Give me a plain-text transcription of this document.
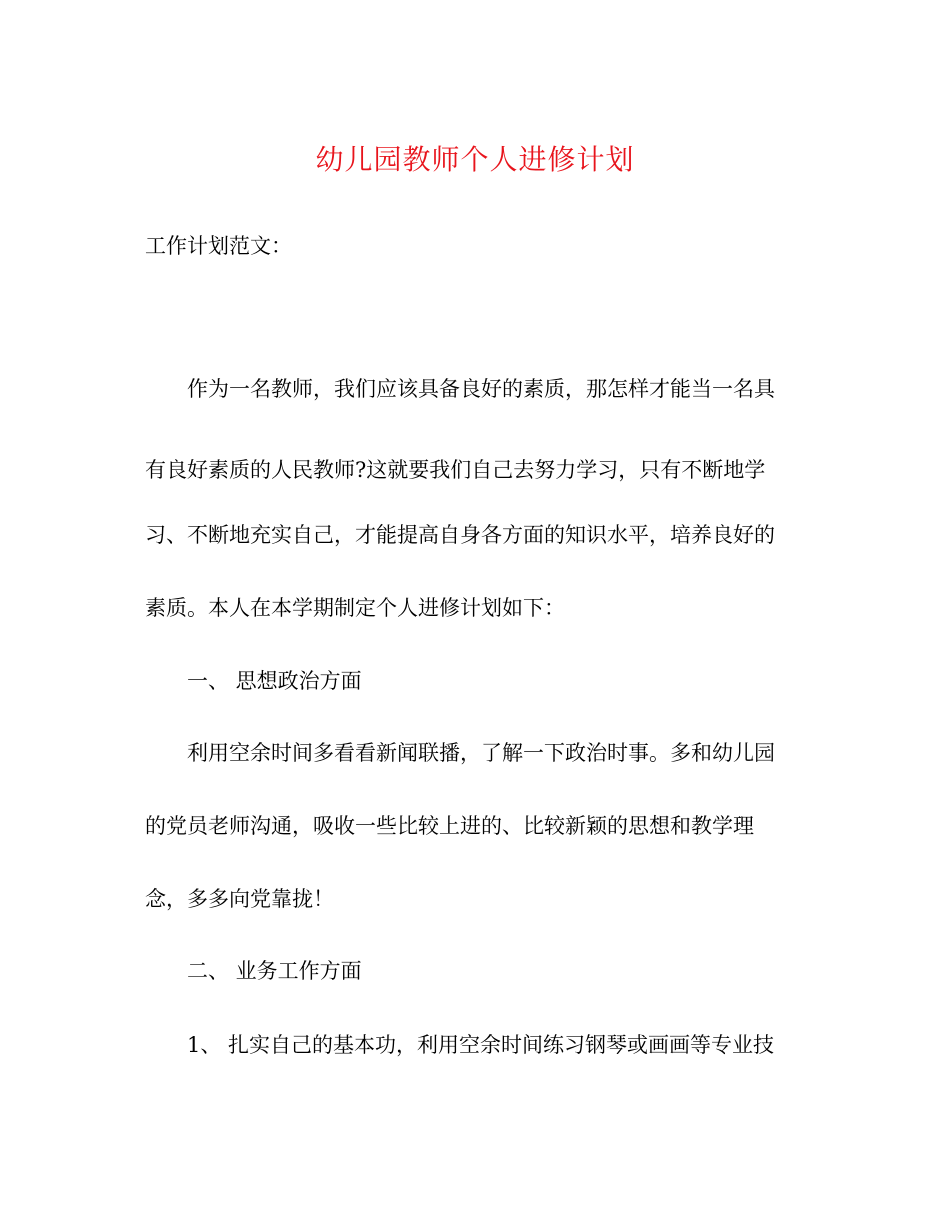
幼儿园教师个人进修计划
工作计划范文：
作为一名教师，我们应该具备良好的素质，那怎样才能当一名具
有良好素质的人民教师?这就要我们自己去努力学习，只有不断地学
习、不断地充实自己，才能提高自身各方面的知识水平，培养良好的
素质。本人在本学期制定个人进修计划如下：
一、 思想政治方面
利用空余时间多看看新闻联播，了解一下政治时事。多和幼儿园
的党员老师沟通，吸收一些比较上进的、比较新颖的思想和教学理
念，多多向党靠拢！
二、 业务工作方面
1、 扎实自己的基本功，利用空余时间练习钢琴或画画等专业技
